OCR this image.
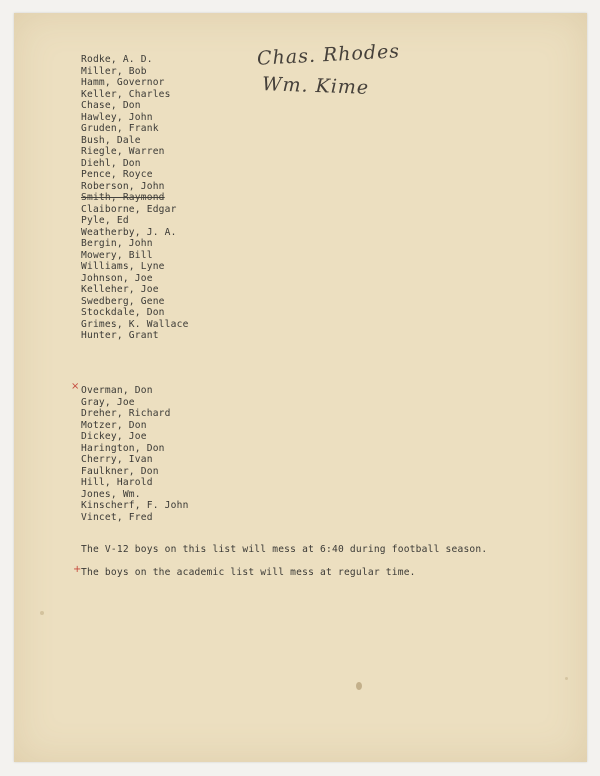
Chas. Rhodes
Wm. Kime
Rodke, A. D.
Miller, Bob
Hamm, Governor
Keller, Charles
Chase, Don
Hawley, John
Gruden, Frank
Bush, Dale
Riegle, Warren
Diehl, Don
Pence, Royce
Roberson, John
Smith, Raymond
Claiborne, Edgar
Pyle, Ed
Weatherby, J. A.
Bergin, John
Mowery, Bill
Williams, Lyne
Johnson, Joe
Kelleher, Joe
Swedberg, Gene
Stockdale, Don
Grimes, K. Wallace
Hunter, Grant
× Overman, Don
Gray, Joe
Dreher, Richard
Motzer, Don
Dickey, Joe
Harington, Don
Cherry, Ivan
Faulkner, Don
Hill, Harold
Jones, Wm.
Kinscherf, F. John
Vincet, Fred

The V-12 boys on this list will mess at 6:40 during football season.

+ The boys on the academic list will mess at regular time.
